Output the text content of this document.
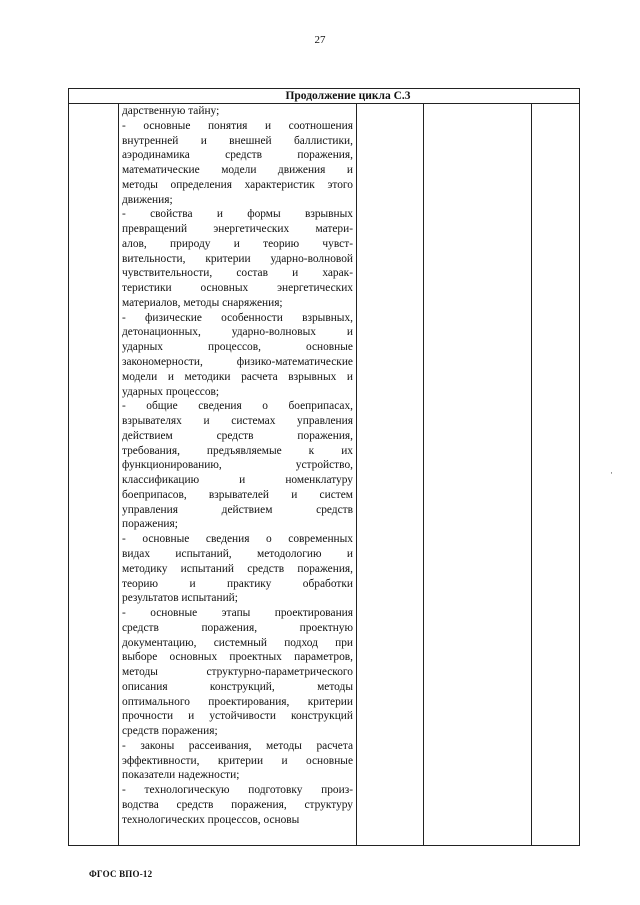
27
Продолжение цикла С.3
дарственную тайну;
- основные понятия и соотношения
внутренней и внешней баллистики,
аэродинамика средств поражения,
математические модели движения и
методы определения характеристик этого
движения;
- свойства и формы взрывных
превращений энергетических матери-
алов, природу и теорию чувст-
вительности, критерии ударно-волновой
чувствительности, состав и харак-
теристики основных энергетических
материалов, методы снаряжения;
- физические особенности взрывных,
детонационных, ударно-волновых и
ударных процессов, основные
закономерности, физико-математические
модели и методики расчета взрывных и
ударных процессов;
- общие сведения о боеприпасах,
взрывателях и системах управления
действием средств поражения,
требования, предъявляемые к их
функционированию, устройство,
классификацию и номенклатуру
боеприпасов, взрывателей и систем
управления действием средств
поражения;
- основные сведения о современных
видах испытаний, методологию и
методику испытаний средств поражения,
теорию и практику обработки
результатов испытаний;
- основные этапы проектирования
средств поражения, проектную
документацию, системный подход при
выборе основных проектных параметров,
методы структурно-параметрического
описания конструкций, методы
оптимального проектирования, критерии
прочности и устойчивости конструкций
средств поражения;
- законы рассеивания, методы расчета
эффективности, критерии и основные
показатели надежности;
- технологическую подготовку произ-
водства средств поражения, структуру
технологических процессов, основы
·
ФГОС ВПО-12
